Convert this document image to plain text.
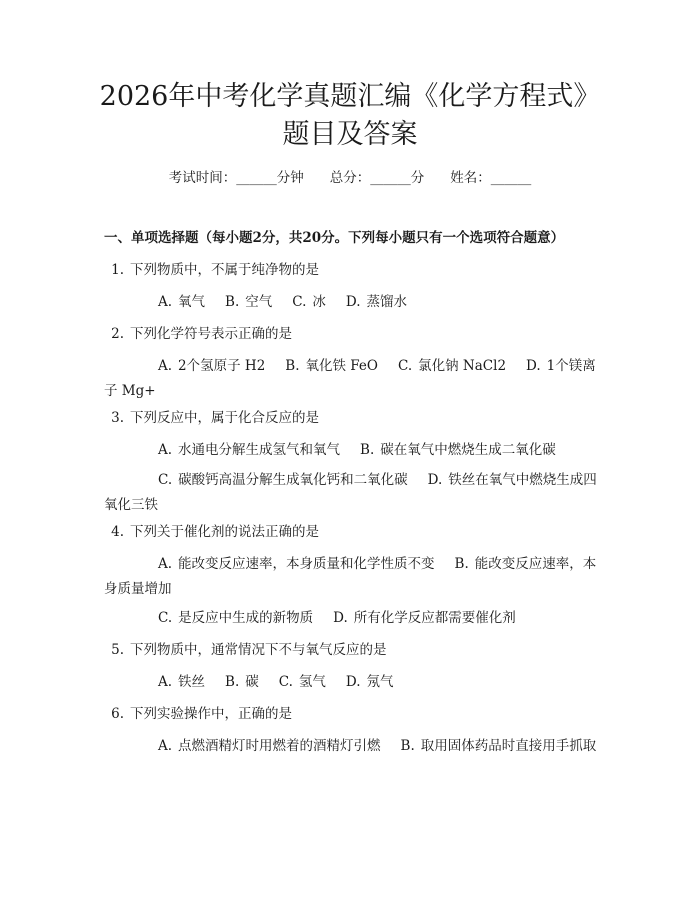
2026年中考化学真题汇编《化学方程式》题目及答案
考试时间：______分钟 总分：______分 姓名：______
一、单项选择题（每小题2分，共20分。下列每小题只有一个选项符合题意）
1. 下列物质中，不属于纯净物的是
A. 氧气 B. 空气 C. 冰 D. 蒸馏水
2. 下列化学符号表示正确的是
A. 2个氢原子 H2 B. 氧化铁 FeO C. 氯化钠 NaCl2 D. 1个镁离子 Mg+
3. 下列反应中，属于化合反应的是
A. 水通电分解生成氢气和氧气 B. 碳在氧气中燃烧生成二氧化碳
C. 碳酸钙高温分解生成氧化钙和二氧化碳 D. 铁丝在氧气中燃烧生成四氧化三铁
4. 下列关于催化剂的说法正确的是
A. 能改变反应速率，本身质量和化学性质不变 B. 能改变反应速率，本身质量增加
C. 是反应中生成的新物质 D. 所有化学反应都需要催化剂
5. 下列物质中，通常情况下不与氧气反应的是
A. 铁丝 B. 碳 C. 氢气 D. 氖气
6. 下列实验操作中，正确的是
A. 点燃酒精灯时用燃着的酒精灯引燃 B. 取用固体药品时直接用手抓取
